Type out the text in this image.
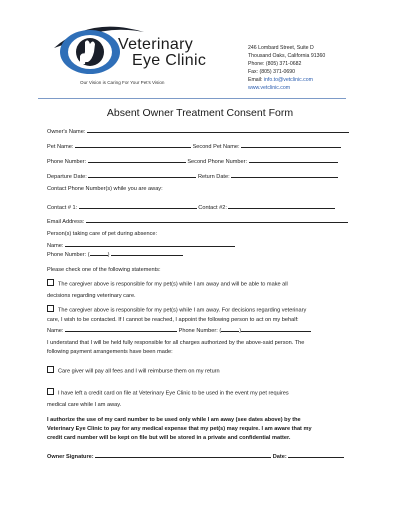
Veterinary
Eye Clinic
Our Vision is Caring For Your Pet's Vision
246 Lombard Street, Suite D
Thousand Oaks, California 91360
Phone: (805) 371-0682
Fax: (805) 371-0690
Email: info.to@vetclinic.com
www.vetclinic.com
Absent Owner Treatment Consent Form
Owner's Name:
Pet Name:	Second Pet Name:
Phone Number:	Second Phone Number:
Departure Date:	Return Date:
Contact Phone Number(s) while you are away:
Contact # 1:	Contact #2:
Email Address:
Person(s) taking care of pet during absence:
Name:
Phone Number: (	)
Please check one of the following statements:
The caregiver above is responsible for my pet(s) while I am away and will be able to make all
decisions regarding veterinary care.
The caregiver above is responsible for my pet(s) while I am away. For decisions regarding veterinary
care, I wish to be contacted. If I cannot be reached, I appoint the following person to act on my behalf:
Name:	Phone Number: (	)
I understand that I will be held fully responsible for all charges authorized by the above-said person. The
following payment arrangements have been made:
Care giver will pay all fees and I will reimburse them on my return
I have left a credit card on file at Veterinary Eye Clinic to be used in the event my pet requires
medical care while I am away.
I authorize the use of my card number to be used only while I am away (see dates above) by the
Veterinary Eye Clinic to pay for any medical expense that my pet(s) may require. I am aware that my
credit card number will be kept on file but will be stored in a private and confidential matter.
Owner Signature:	Date:
